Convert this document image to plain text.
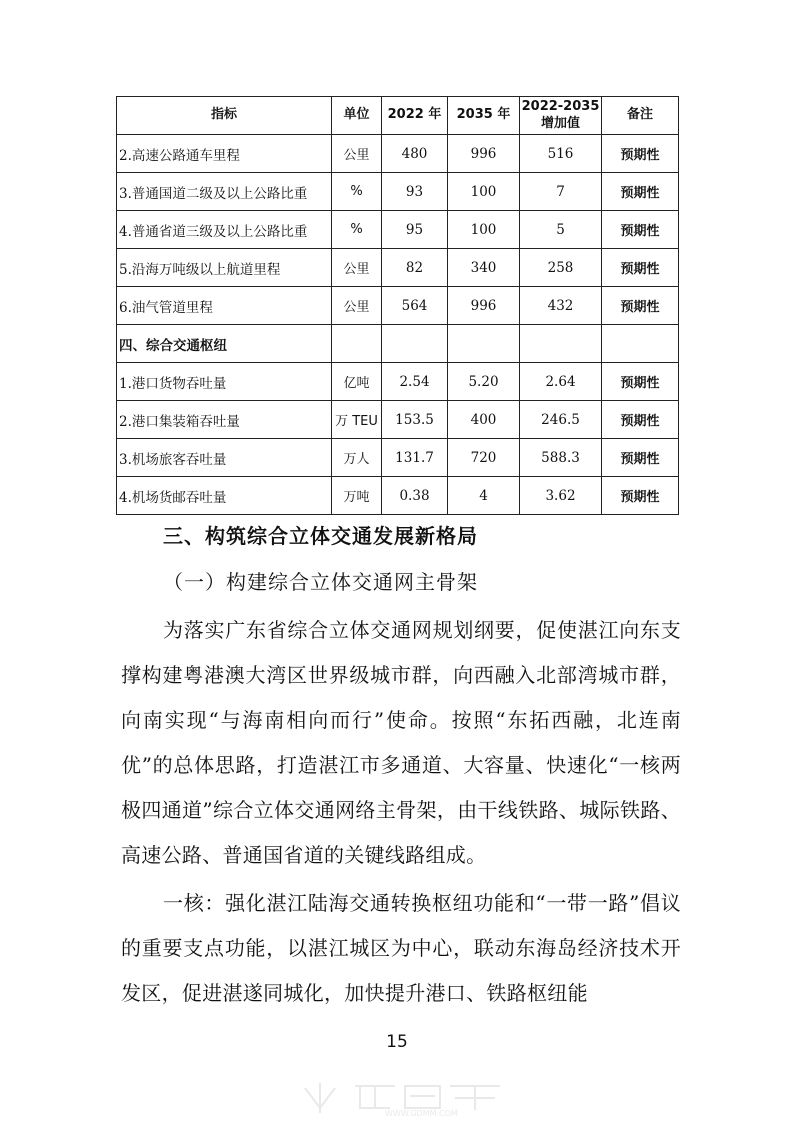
指标	单位	2022 年	2035 年	2022-2035 增加值	备注
2.高速公路通车里程	公里	480	996	516	预期性
3.普通国道二级及以上公路比重	%	93	100	7	预期性
4.普通省道三级及以上公路比重	%	95	100	5	预期性
5.沿海万吨级以上航道里程	公里	82	340	258	预期性
6.油气管道里程	公里	564	996	432	预期性
四、综合交通枢纽					
1.港口货物吞吐量	亿吨	2.54	5.20	2.64	预期性
2.港口集装箱吞吐量	万 TEU	153.5	400	246.5	预期性
3.机场旅客吞吐量	万人	131.7	720	588.3	预期性
4.机场货邮吞吐量	万吨	0.38	4	3.62	预期性
三、构筑综合立体交通发展新格局
（一）构建综合立体交通网主骨架

为落实广东省综合立体交通网规划纲要，促使湛江向东支撑构建粤港澳大湾区世界级城市群，向西融入北部湾城市群，向南实现“与海南相向而行”使命。按照“东拓西融，北连南优”的总体思路，打造湛江市多通道、大容量、快速化“一核两极四通道”综合立体交通网络主骨架，由干线铁路、城际铁路、高速公路、普通国省道的关键线路组成。

一核：强化湛江陆海交通转换枢纽功能和“一带一路”倡议的重要支点功能，以湛江城区为中心，联动东海岛经济技术开发区，促进湛遂同城化，加快提升港口、铁路枢纽能

15
WWW.GDMM.COM
